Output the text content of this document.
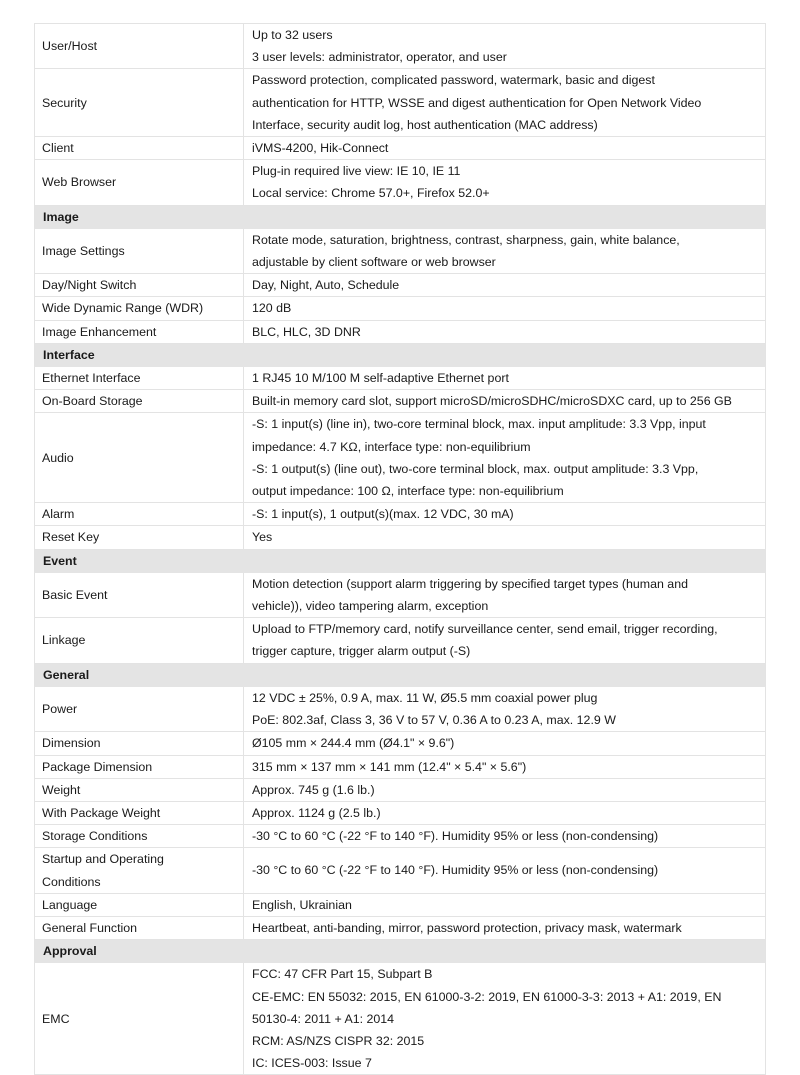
User/Host	Up to 32 users
3 user levels: administrator, operator, and user

Security	Password protection, complicated password, watermark, basic and digest
authentication for HTTP, WSSE and digest authentication for Open Network Video
Interface, security audit log, host authentication (MAC address)

Client	iVMS-4200, Hik-Connect

Web Browser	Plug-in required live view: IE 10, IE 11
Local service: Chrome 57.0+, Firefox 52.0+

Image	
Image Settings	Rotate mode, saturation, brightness, contrast, sharpness, gain, white balance,
adjustable by client software or web browser

Day/Night Switch	Day, Night, Auto, Schedule

Wide Dynamic Range (WDR)	120 dB

Image Enhancement	BLC, HLC, 3D DNR

Interface	
Ethernet Interface	1 RJ45 10 M/100 M self-adaptive Ethernet port

On-Board Storage	Built-in memory card slot, support microSD/microSDHC/microSDXC card, up to 256 GB

Audio	-S: 1 input(s) (line in), two-core terminal block, max. input amplitude: 3.3 Vpp, input
impedance: 4.7 KΩ, interface type: non-equilibrium
-S: 1 output(s) (line out), two-core terminal block, max. output amplitude: 3.3 Vpp,
output impedance: 100 Ω, interface type: non-equilibrium

Alarm	-S: 1 input(s), 1 output(s)(max. 12 VDC, 30 mA)

Reset Key	Yes

Event	
Basic Event	Motion detection (support alarm triggering by specified target types (human and
vehicle)), video tampering alarm, exception

Linkage	Upload to FTP/memory card, notify surveillance center, send email, trigger recording,
trigger capture, trigger alarm output (-S)

General	
Power	12 VDC ± 25%, 0.9 A, max. 11 W, Ø5.5 mm coaxial power plug
PoE: 802.3af, Class 3, 36 V to 57 V, 0.36 A to 0.23 A, max. 12.9 W

Dimension	Ø105 mm × 244.4 mm (Ø4.1" × 9.6")

Package Dimension	315 mm × 137 mm × 141 mm (12.4" × 5.4" × 5.6")

Weight	Approx. 745 g (1.6 lb.)

With Package Weight	Approx. 1124 g (2.5 lb.)

Storage Conditions	-30 °C to 60 °C (-22 °F to 140 °F). Humidity 95% or less (non-condensing)

Startup and Operating
Conditions	-30 °C to 60 °C (-22 °F to 140 °F). Humidity 95% or less (non-condensing)

Language	English, Ukrainian

General Function	Heartbeat, anti-banding, mirror, password protection, privacy mask, watermark

Approval	
EMC	FCC: 47 CFR Part 15, Subpart B
CE-EMC: EN 55032: 2015, EN 61000-3-2: 2019, EN 61000-3-3: 2013 + A1: 2019, EN
50130-4: 2011 + A1: 2014
RCM: AS/NZS CISPR 32: 2015
IC: ICES-003: Issue 7
